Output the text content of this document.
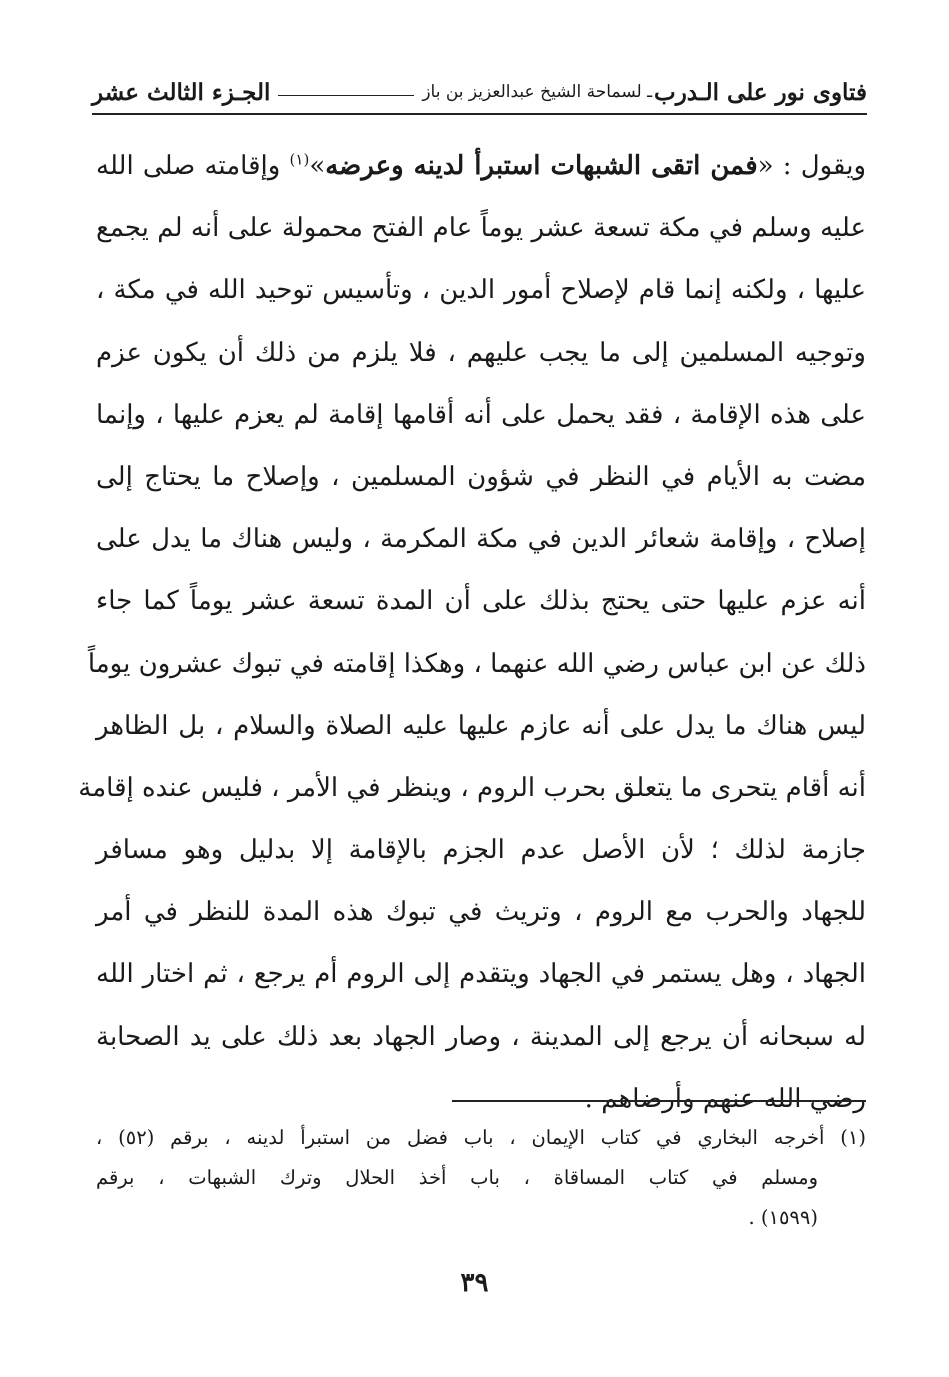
فتاوى نور على الـدرب
ـ لسماحة الشيخ عبدالعزيز بن باز
الجـزء الثالث عشر
ويقول : «فمن اتقى الشبهات استبرأ لدينه وعرضه»$^{(١)}$ وإقامته صلى الله
عليه وسلم في مكة تسعة عشر يوماً عام الفتح محمولة على أنه لم يجمع
عليها ، ولكنه إنما قام لإصلاح أمور الدين ، وتأسيس توحيد الله في مكة ،
وتوجيه المسلمين إلى ما يجب عليهم ، فلا يلزم من ذلك أن يكون عزم
على هذه الإقامة ، فقد يحمل على أنه أقامها إقامة لم يعزم عليها ، وإنما
مضت به الأيام في النظر في شؤون المسلمين ، وإصلاح ما يحتاج إلى
إصلاح ، وإقامة شعائر الدين في مكة المكرمة ، وليس هناك ما يدل على
أنه عزم عليها حتى يحتج بذلك على أن المدة تسعة عشر يوماً كما جاء
ذلك عن ابن عباس رضي الله عنهما ، وهكذا إقامته في تبوك عشرون يوماً
ليس هناك ما يدل على أنه عازم عليها عليه الصلاة والسلام ، بل الظاهر
أنه أقام يتحرى ما يتعلق بحرب الروم ، وينظر في الأمر ، فليس عنده إقامة
جازمة لذلك ؛ لأن الأصل عدم الجزم بالإقامة إلا بدليل وهو مسافر
للجهاد والحرب مع الروم ، وتريث في تبوك هذه المدة للنظر في أمر
الجهاد ، وهل يستمر في الجهاد ويتقدم إلى الروم أم يرجع ، ثم اختار الله
له سبحانه أن يرجع إلى المدينة ، وصار الجهاد بعد ذلك على يد الصحابة
رضي الله عنهم وأرضاهم .
(١) أخرجه البخاري في كتاب الإيمان ، باب فضل من استبرأ لدينه ، برقم (٥٢) ،
ومسلم في كتاب المساقاة ، باب أخذ الحلال وترك الشبهات ، برقم
(١٥٩٩) .
٣٩
